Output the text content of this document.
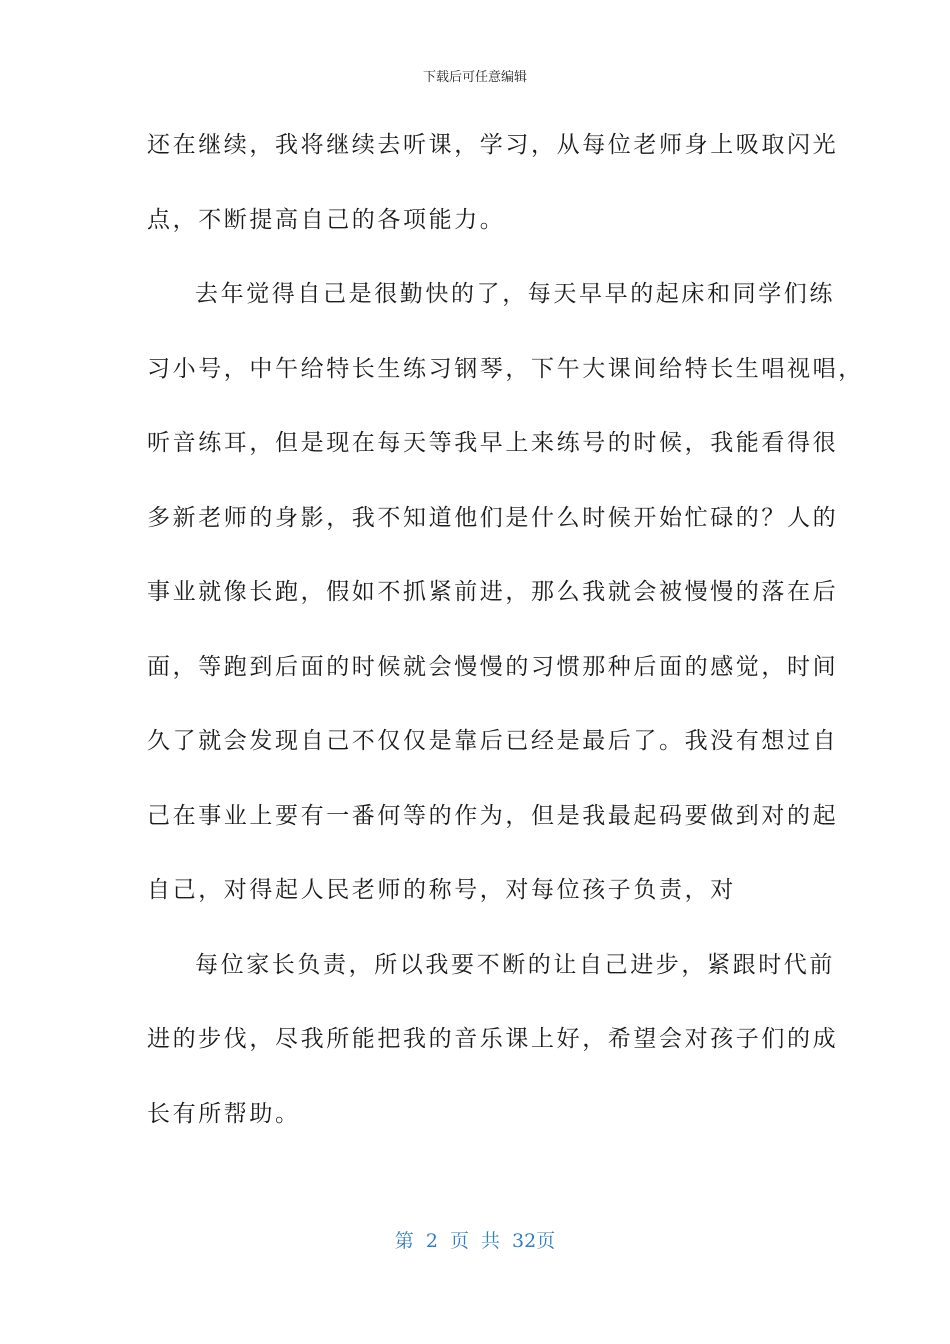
下载后可任意编辑
还在继续，我将继续去听课，学习，从每位老师身上吸取闪光
点，不断提高自己的各项能力。
去年觉得自己是很勤快的了，每天早早的起床和同学们练
习小号，中午给特长生练习钢琴，下午大课间给特长生唱视唱，
听音练耳，但是现在每天等我早上来练号的时候，我能看得很
多新老师的身影，我不知道他们是什么时候开始忙碌的？人的
事业就像长跑，假如不抓紧前进，那么我就会被慢慢的落在后
面，等跑到后面的时候就会慢慢的习惯那种后面的感觉，时间
久了就会发现自己不仅仅是靠后已经是最后了。我没有想过自
己在事业上要有一番何等的作为，但是我最起码要做到对的起
自己，对得起人民老师的称号，对每位孩子负责，对
每位家长负责，所以我要不断的让自己进步，紧跟时代前
进的步伐，尽我所能把我的音乐课上好，希望会对孩子们的成
长有所帮助。
第 2 页 共 32页
